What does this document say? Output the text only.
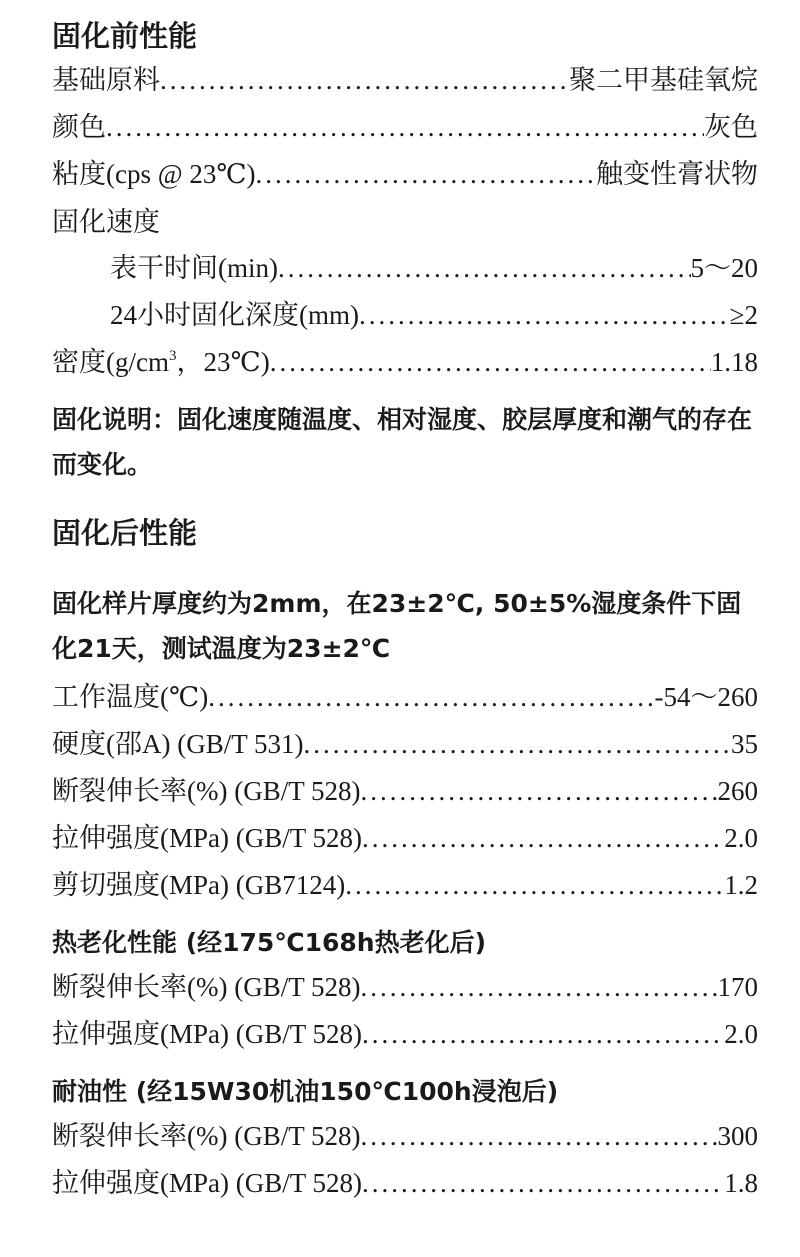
固化前性能
基础原料 .....	聚二甲基硅氧烷
颜色 .....	灰色
粘度(cps @ 23℃) .....	触变性膏状物
固化速度
表干时间(min) .....	5～20
24小时固化深度(mm) .....	≥2
密度($g/cm^3$，23℃) .....	1.18

固化说明：固化速度随温度、相对湿度、胶层厚度和潮气的存在而变化。

固化后性能

固化样片厚度约为2mm，在23±2℃, 50±5%湿度条件下固化21天，测试温度为23±2℃

工作温度(℃) .....	-54～260
硬度(邵A) (GB/T 531) .....	35
断裂伸长率(%) (GB/T 528) .....	260
拉伸强度(MPa) (GB/T 528) .....	2.0
剪切强度(MPa) (GB7124) .....	1.2

热老化性能 (经175℃168h热老化后)

断裂伸长率(%) (GB/T 528) .....	170
拉伸强度(MPa) (GB/T 528) .....	2.0

耐油性 (经15W30机油150℃100h浸泡后)

断裂伸长率(%) (GB/T 528) .....	300
拉伸强度(MPa) (GB/T 528) .....	1.8
